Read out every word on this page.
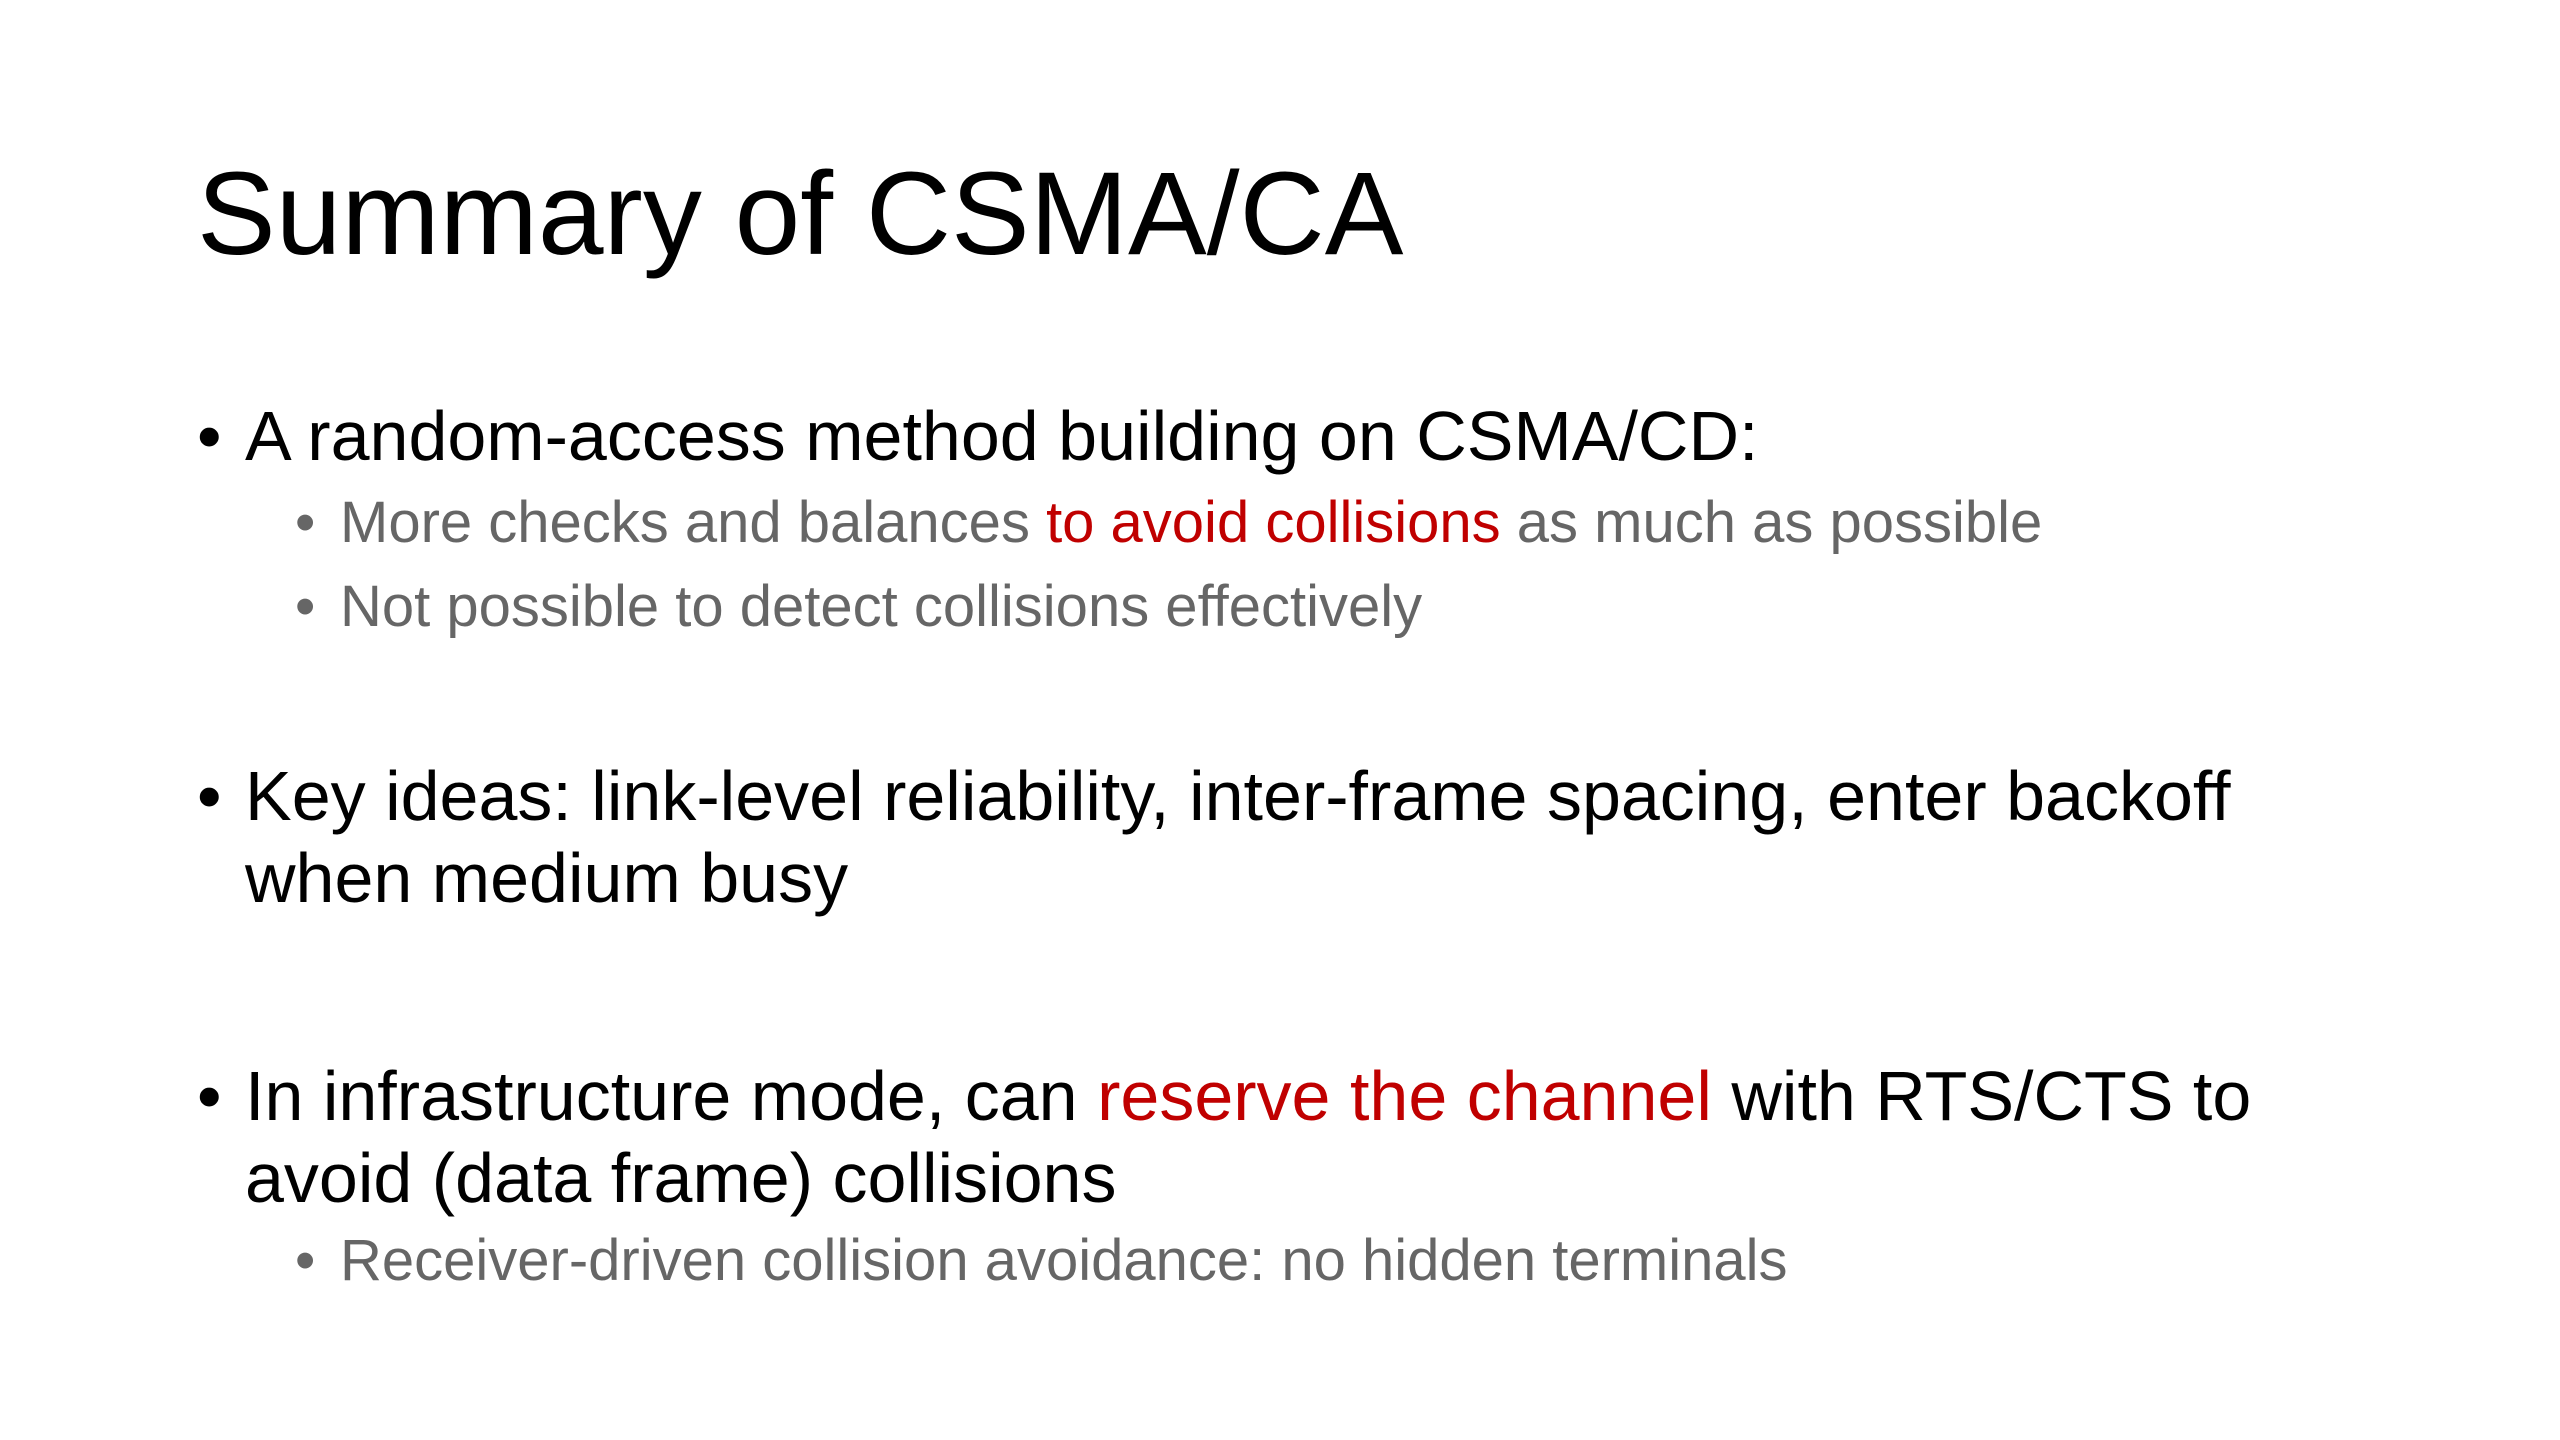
Summary of CSMA/CA
• A random-access method building on CSMA/CD:
• More checks and balances to avoid collisions as much as possible
• Not possible to detect collisions effectively
• Key ideas: link-level reliability, inter-frame spacing, enter backoff when medium busy
• In infrastructure mode, can reserve the channel with RTS/CTS to avoid (data frame) collisions
• Receiver-driven collision avoidance: no hidden terminals
